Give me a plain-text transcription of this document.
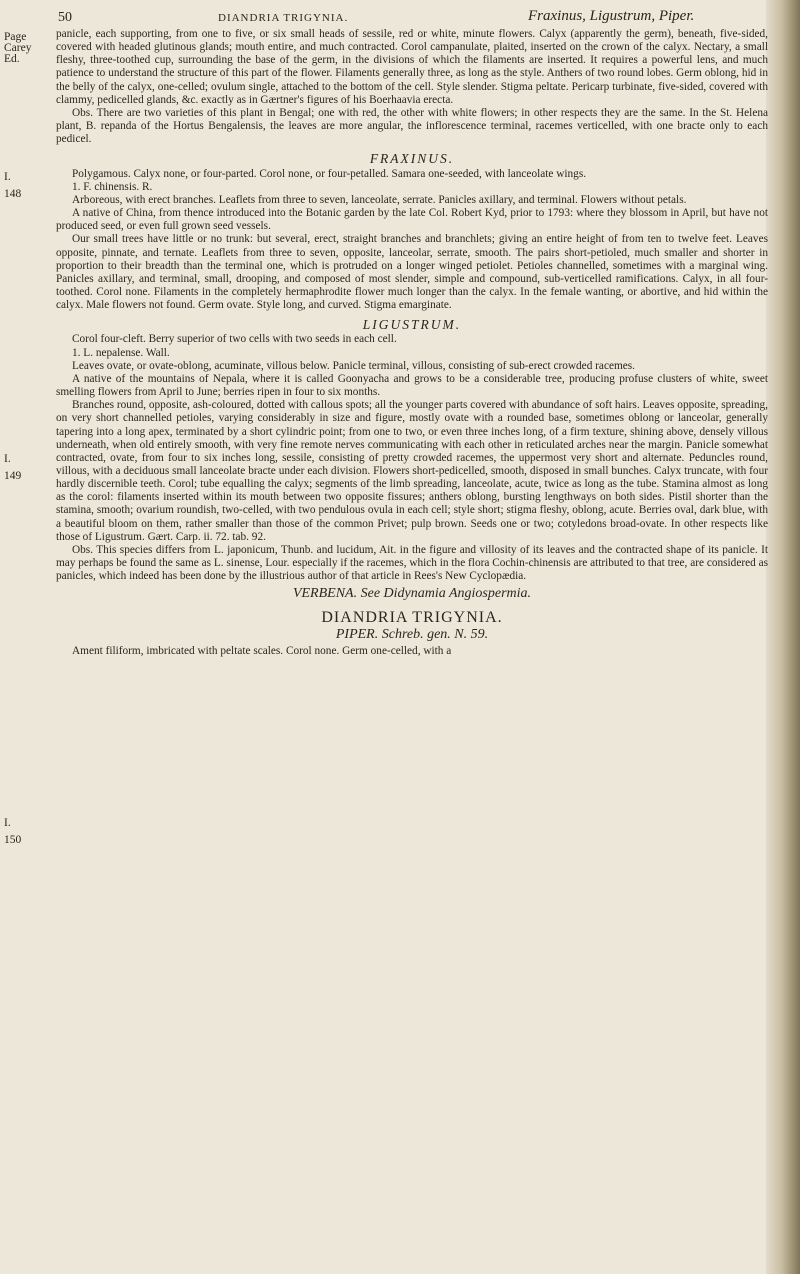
50	DIANDRIA TRIGYNIA.	Fraxinus, Ligustrum, Piper.
Page
Carey
Ed.
I.
148
I.
149
I.
150

panicle, each supporting, from one to five, or six small heads of sessile, red or white, minute flowers. Calyx (apparently the germ), beneath, five-sided, covered with headed glutinous glands; mouth entire, and much contracted. Corol campanulate, plaited, inserted on the crown of the calyx. Nectary, a small fleshy, three-toothed cup, surrounding the base of the germ, in the divisions of which the filaments are inserted. It requires a powerful lens, and much patience to understand the structure of this part of the flower. Filaments generally three, as long as the style. Anthers of two round lobes. Germ oblong, hid in the belly of the calyx, one-celled; ovulum single, attached to the bottom of the cell. Style slender. Stigma peltate. Pericarp turbinate, five-sided, covered with clammy, pedicelled glands, &c. exactly as in Gærtner's figures of his Boerhaavia erecta.

Obs. There are two varieties of this plant in Bengal; one with red, the other with white flowers; in other respects they are the same. In the St. Helena plant, B. repanda of the Hortus Bengalensis, the leaves are more angular, the inflorescence terminal, racemes verticelled, with one bracte only to each pedicel.

FRAXINUS.

Polygamous. Calyx none, or four-parted. Corol none, or four-petalled. Samara one-seeded, with lanceolate wings.

1. F. chinensis. R.

Arboreous, with erect branches. Leaflets from three to seven, lanceolate, serrate. Panicles axillary, and terminal. Flowers without petals.

A native of China, from thence introduced into the Botanic garden by the late Col. Robert Kyd, prior to 1793: where they blossom in April, but have not produced seed, or even full grown seed vessels.

Our small trees have little or no trunk: but several, erect, straight branches and branchlets; giving an entire height of from ten to twelve feet. Leaves opposite, pinnate, and ternate. Leaflets from three to seven, opposite, lanceolar, serrate, smooth. The pairs short-petioled, much smaller and shorter in proportion to their breadth than the terminal one, which is protruded on a longer winged petiolet. Petioles channelled, sometimes with a marginal wing. Panicles axillary, and terminal, small, drooping, and composed of most slender, simple and compound, sub-verticelled ramifications. Calyx, in all four-toothed. Corol none. Filaments in the completely hermaphrodite flower much longer than the calyx. In the female wanting, or abortive, and hid within the calyx. Male flowers not found. Germ ovate. Style long, and curved. Stigma emarginate.

LIGUSTRUM.

Corol four-cleft. Berry superior of two cells with two seeds in each cell.

1. L. nepalense. Wall.

Leaves ovate, or ovate-oblong, acuminate, villous below. Panicle terminal, villous, consisting of sub-erect crowded racemes.

A native of the mountains of Nepala, where it is called Goonyacha and grows to be a considerable tree, producing profuse clusters of white, sweet smelling flowers from April to June; berries ripen in four to six months.

Branches round, opposite, ash-coloured, dotted with callous spots; all the younger parts covered with abundance of soft hairs. Leaves opposite, spreading, on very short channelled petioles, varying considerably in size and figure, mostly ovate with a rounded base, sometimes oblong or lanceolar, generally tapering into a long apex, terminated by a short cylindric point; from one to two, or even three inches long, of a firm texture, shining above, densely villous underneath, when old entirely smooth, with very fine remote nerves communicating with each other in reticulated arches near the margin. Panicle somewhat contracted, ovate, from four to six inches long, sessile, consisting of pretty crowded racemes, the uppermost very short and alternate. Peduncles round, villous, with a deciduous small lanceolate bracte under each division. Flowers short-pedicelled, smooth, disposed in small bunches. Calyx truncate, with four hardly discernible teeth. Corol; tube equalling the calyx; segments of the limb spreading, lanceolate, acute, twice as long as the tube. Stamina almost as long as the corol: filaments inserted within its mouth between two opposite fissures; anthers oblong, bursting lengthways on both sides. Pistil shorter than the stamina, smooth; ovarium roundish, two-celled, with two pendulous ovula in each cell; style short; stigma fleshy, oblong, acute. Berries oval, dark blue, with a beautiful bloom on them, rather smaller than those of the common Privet; pulp brown. Seeds one or two; cotyledons broad-ovate. In other respects like those of Ligustrum. Gært. Carp. ii. 72. tab. 92.

Obs. This species differs from L. japonicum, Thunb. and lucidum, Ait. in the figure and villosity of its leaves and the contracted shape of its panicle. It may perhaps be found the same as L. sinense, Lour. especially if the racemes, which in the flora Cochin-chinensis are attributed to that tree, are considered as panicles, which indeed has been done by the illustrious author of that article in Rees's New Cyclopædia.

VERBENA. See Didynamia Angiospermia.
DIANDRIA TRIGYNIA.
PIPER. Schreb. gen. N. 59.

Ament filiform, imbricated with peltate scales. Corol none. Germ one-celled, with a
